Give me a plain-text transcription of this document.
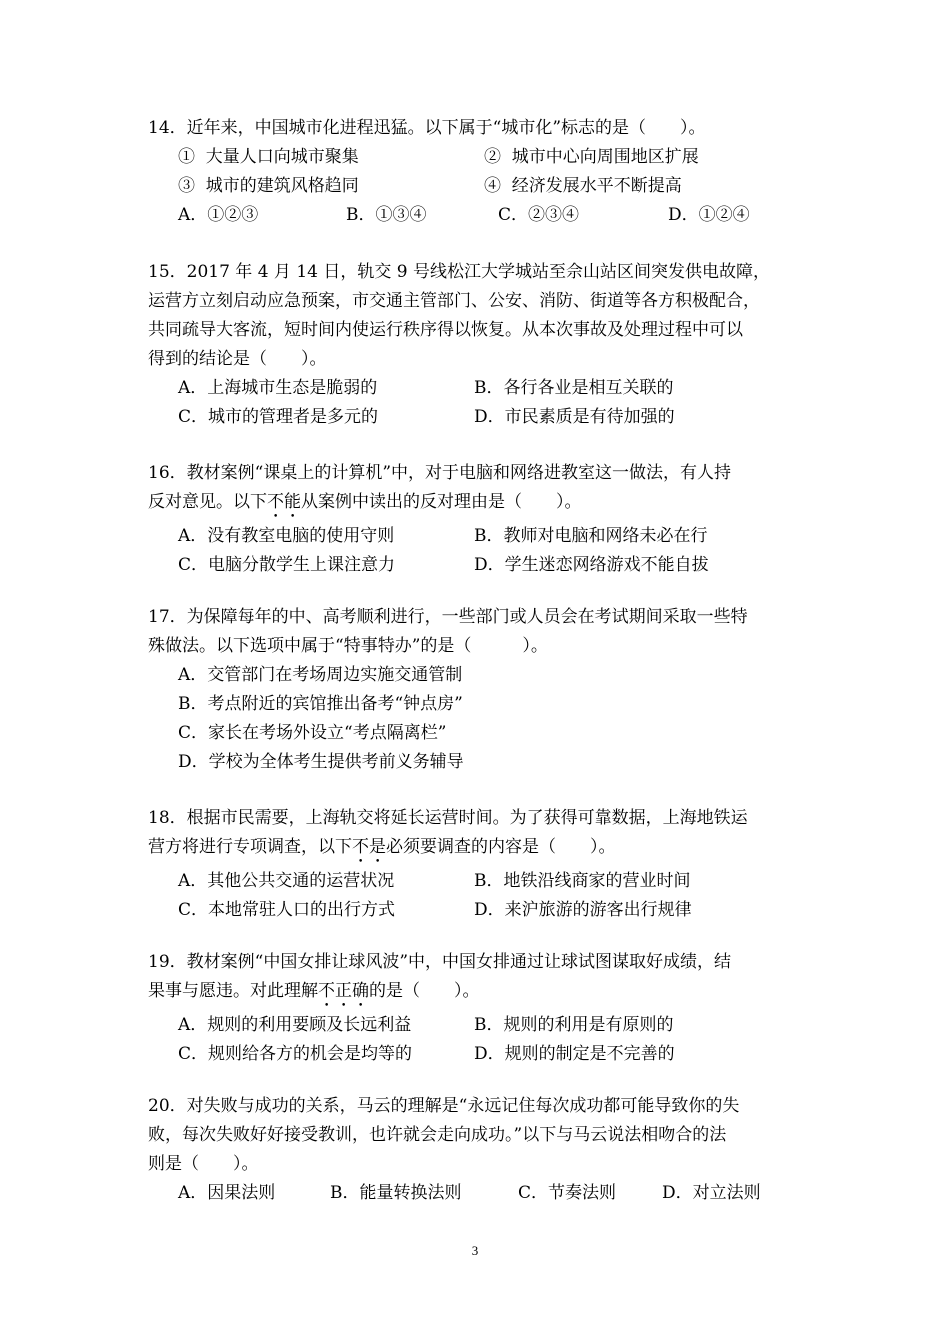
14．近年来，中国城市化进程迅猛。以下属于“城市化”标志的是（　　）。
①  大量人口向城市聚集	②  城市中心向周围地区扩展
③  城市的建筑风格趋同	④  经济发展水平不断提高
A．①②③	B．①③④	C．②③④	D．①②④
15．2017 年 4 月 14 日，轨交 9 号线松江大学城站至佘山站区间突发供电故障，
运营方立刻启动应急预案，市交通主管部门、公安、消防、街道等各方积极配合，
共同疏导大客流，短时间内使运行秩序得以恢复。从本次事故及处理过程中可以
得到的结论是（　　）。
A．上海城市生态是脆弱的	B．各行各业是相互关联的
C．城市的管理者是多元的	D．市民素质是有待加强的
16．教材案例“课桌上的计算机”中，对于电脑和网络进教室这一做法，有人持
反对意见。以下不能从案例中读出的反对理由是（　　）。
A．没有教室电脑的使用守则	B．教师对电脑和网络未必在行
C．电脑分散学生上课注意力	D．学生迷恋网络游戏不能自拔
17．为保障每年的中、高考顺利进行，一些部门或人员会在考试期间采取一些特
殊做法。以下选项中属于“特事特办”的是（　　　）。
A．交管部门在考场周边实施交通管制
B．考点附近的宾馆推出备考“钟点房”
C．家长在考场外设立“考点隔离栏”
D．学校为全体考生提供考前义务辅导
18．根据市民需要，上海轨交将延长运营时间。为了获得可靠数据，上海地铁运
营方将进行专项调查，以下不是必须要调查的内容是（　　）。
A．其他公共交通的运营状况	B．地铁沿线商家的营业时间
C．本地常驻人口的出行方式	D．来沪旅游的游客出行规律
19．教材案例“中国女排让球风波”中，中国女排通过让球试图谋取好成绩，结
果事与愿违。对此理解不正确的是（　　）。
A．规则的利用要顾及长远利益	B．规则的利用是有原则的
C．规则给各方的机会是均等的	D．规则的制定是不完善的
20．对失败与成功的关系，马云的理解是“永远记住每次成功都可能导致你的失
败，每次失败好好接受教训，也许就会走向成功。”以下与马云说法相吻合的法
则是（　　）。
A．因果法则	B．能量转换法则	C．节奏法则	D．对立法则
3
